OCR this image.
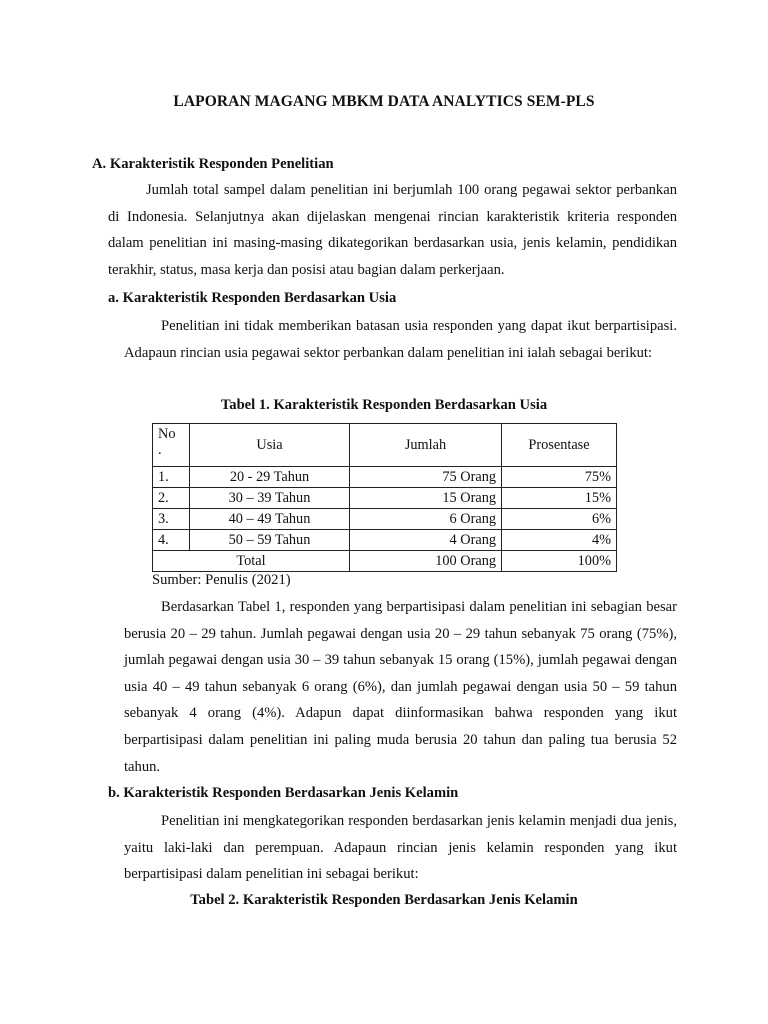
LAPORAN MAGANG MBKM DATA ANALYTICS SEM-PLS
A. Karakteristik Responden Penelitian

Jumlah total sampel dalam penelitian ini berjumlah 100 orang pegawai sektor perbankan di Indonesia. Selanjutnya akan dijelaskan mengenai rincian karakteristik kriteria responden dalam penelitian ini masing-masing dikategorikan berdasarkan usia, jenis kelamin, pendidikan terakhir, status, masa kerja dan posisi atau bagian dalam perkerjaan.

a. Karakteristik Responden Berdasarkan Usia

Penelitian ini tidak memberikan batasan usia responden yang dapat ikut berpartisipasi. Adapaun rincian usia pegawai sektor perbankan dalam penelitian ini ialah sebagai berikut:

Tabel 1. Karakteristik Responden Berdasarkan Usia
No
.	Usia	Jumlah	Prosentase
1.	20 - 29 Tahun	75 Orang	75%
2.	30 – 39 Tahun	15 Orang	15%
3.	40 – 49 Tahun	6 Orang	6%
4.	50 – 59 Tahun	4 Orang	4%
Total		100 Orang	100%
Sumber: Penulis (2021)

Berdasarkan Tabel 1, responden yang berpartisipasi dalam penelitian ini sebagian besar berusia 20 – 29 tahun. Jumlah pegawai dengan usia 20 – 29 tahun sebanyak 75 orang (75%), jumlah pegawai dengan usia 30 – 39 tahun sebanyak 15 orang (15%), jumlah pegawai dengan usia 40 – 49 tahun sebanyak 6 orang (6%), dan jumlah pegawai dengan usia 50 – 59 tahun sebanyak 4 orang (4%). Adapun dapat diinformasikan bahwa responden yang ikut berpartisipasi dalam penelitian ini paling muda berusia 20 tahun dan paling tua berusia 52 tahun.

b. Karakteristik Responden Berdasarkan Jenis Kelamin

Penelitian ini mengkategorikan responden berdasarkan jenis kelamin menjadi dua jenis, yaitu laki-laki dan perempuan. Adapaun rincian jenis kelamin responden yang ikut berpartisipasi dalam penelitian ini sebagai berikut:

Tabel 2. Karakteristik Responden Berdasarkan Jenis Kelamin
